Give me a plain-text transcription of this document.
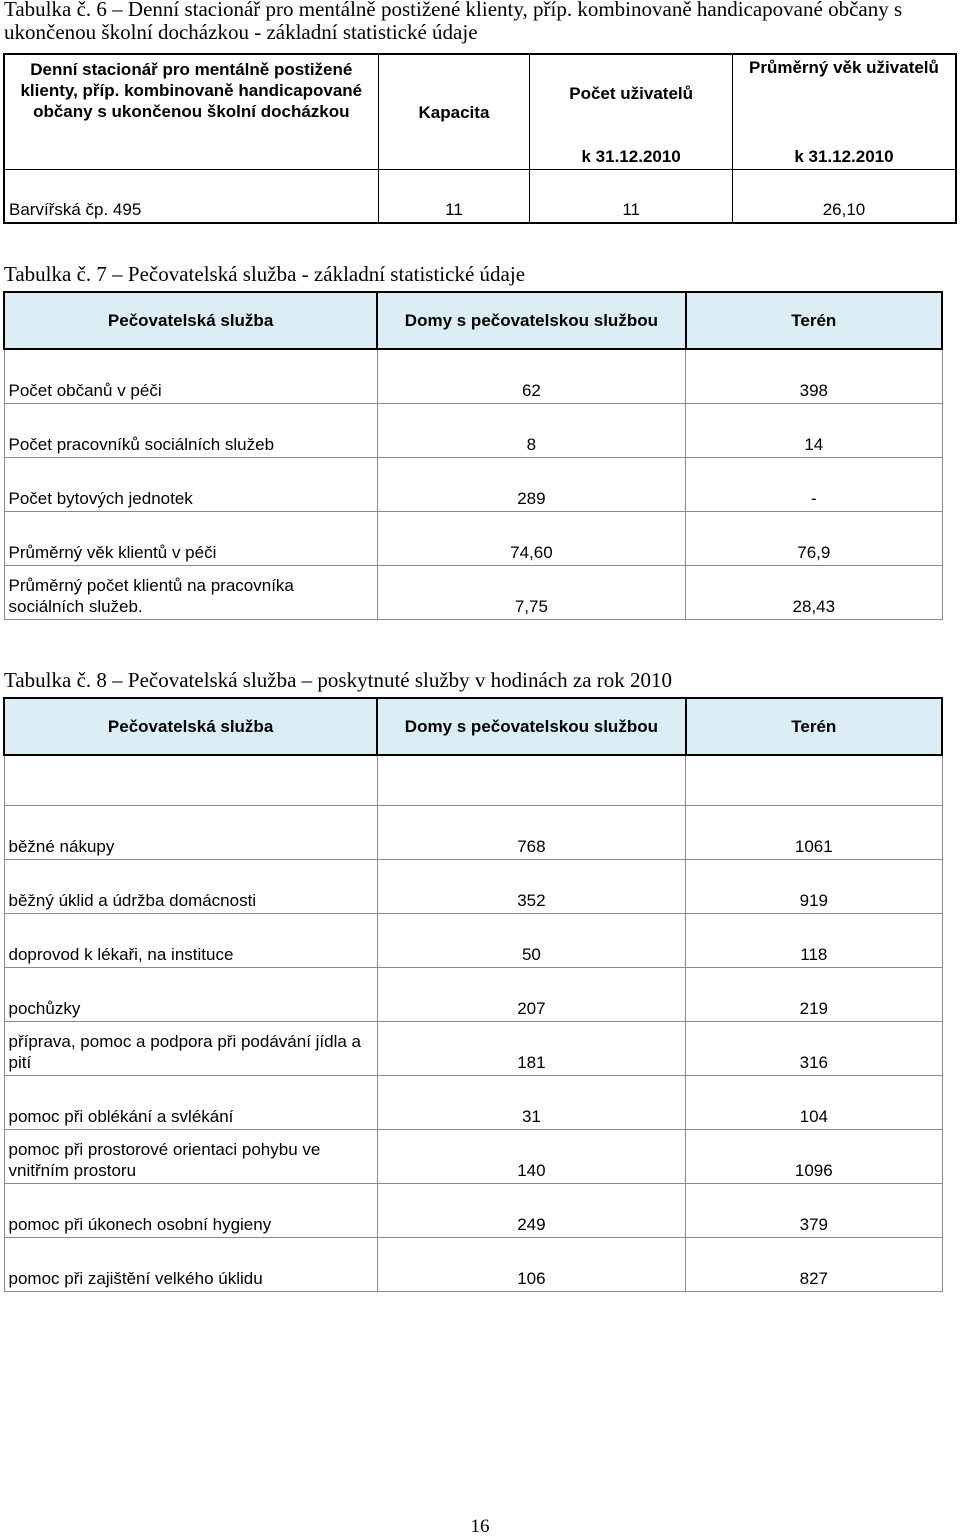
Tabulka č. 6 – Denní stacionář pro mentálně postižené klienty, příp. kombinovaně handicapované občany s ukončenou školní docházkou - základní statistické údaje
Denní stacionář pro mentálně postižené klienty, příp. kombinovaně handicapované občany s ukončenou školní docházkou	Kapacita	Počet uživatelů	Průměrný věk uživatelů
		k 31.12.2010	k 31.12.2010
Barvířská čp. 495	11	11	26,10
Tabulka č. 7 – Pečovatelská služba - základní statistické údaje
Pečovatelská služba	Domy s pečovatelskou službou	Terén
Počet občanů v péči	62	398
Počet pracovníků sociálních služeb	8	14
Počet bytových jednotek	289	-
Průměrný věk klientů v péči	74,60	76,9
Průměrný počet klientů na pracovníka sociálních služeb.	7,75	28,43
Tabulka č. 8 – Pečovatelská služba – poskytnuté služby v hodinách za rok 2010
Pečovatelská služba	Domy s pečovatelskou službou	Terén

běžné nákupy	768	1061
běžný úklid a údržba domácnosti	352	919
doprovod k lékaři, na instituce	50	118
pochůzky	207	219
příprava, pomoc a podpora při podávání jídla a pití	181	316
pomoc při oblékání a svlékání	31	104
pomoc při prostorové orientaci pohybu ve vnitřním prostoru	140	1096
pomoc při úkonech osobní hygieny	249	379
pomoc při zajištění velkého úklidu	106	827
16
